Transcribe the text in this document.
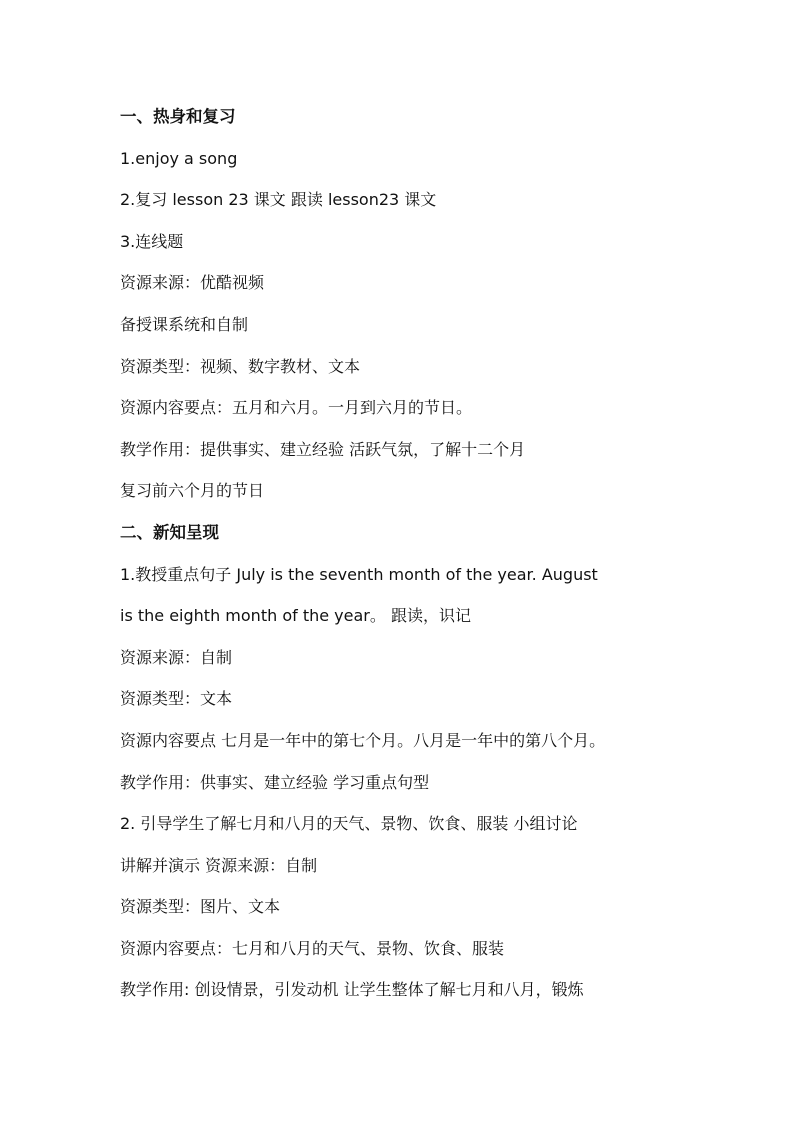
一、热身和复习
1.enjoy a song
2.复习 lesson 23 课文 跟读 lesson23 课文
3.连线题
资源来源：优酷视频
备授课系统和自制
资源类型：视频、数字教材、文本
资源内容要点：五月和六月。一月到六月的节日。
教学作用：提供事实、建立经验 活跃气氛，了解十二个月
复习前六个月的节日
二、新知呈现
1.教授重点句子 July is the seventh month of the year. August
is the eighth month of the year。 跟读，识记
资源来源：自制
资源类型：文本
资源内容要点 七月是一年中的第七个月。八月是一年中的第八个月。
教学作用：供事实、建立经验 学习重点句型
2. 引导学生了解七月和八月的天气、景物、饮食、服装 小组讨论
讲解并演示 资源来源：自制
资源类型：图片、文本
资源内容要点：七月和八月的天气、景物、饮食、服装
教学作用: 创设情景，引发动机 让学生整体了解七月和八月，锻炼
